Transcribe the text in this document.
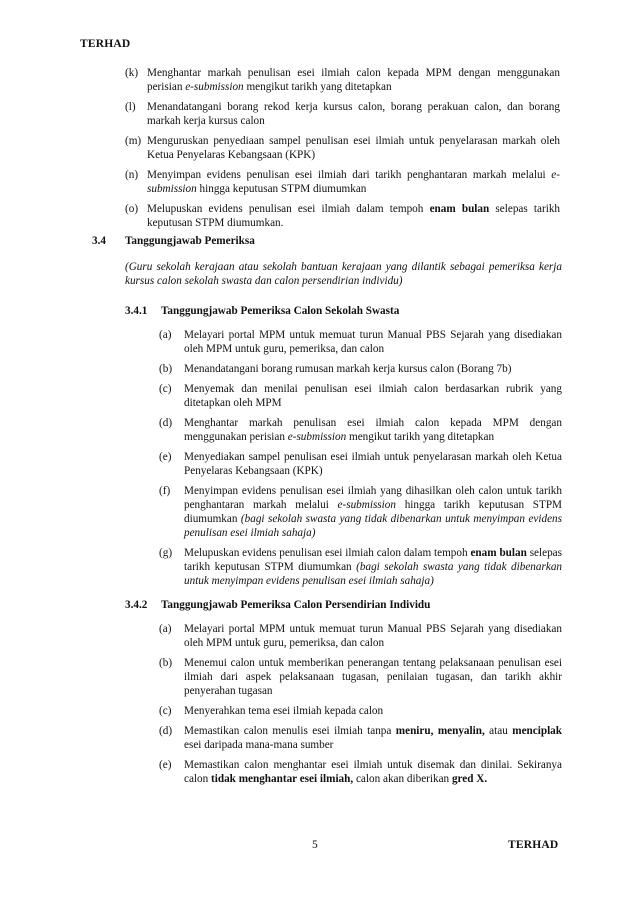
TERHAD
(k) Menghantar markah penulisan esei ilmiah calon kepada MPM dengan menggunakan perisian e-submission mengikut tarikh yang ditetapkan
(l)	Menandatangani borang rekod kerja kursus calon, borang perakuan calon, dan borang markah kerja kursus calon
(m) Menguruskan penyediaan sampel penulisan esei ilmiah untuk penyelarasan markah oleh Ketua Penyelaras Kebangsaan (KPK)
(n) Menyimpan evidens penulisan esei ilmiah dari tarikh penghantaran markah melalui e-submission hingga keputusan STPM diumumkan
(o) Melupuskan evidens penulisan esei ilmiah dalam tempoh enam bulan selepas tarikh keputusan STPM diumumkan.
3.4	Tanggungjawab Pemeriksa
(Guru sekolah kerajaan atau sekolah bantuan kerajaan yang dilantik sebagai pemeriksa kerja kursus calon sekolah swasta dan calon persendirian individu)
3.4.1	Tanggungjawab Pemeriksa Calon Sekolah Swasta
(a)	Melayari portal MPM untuk memuat turun Manual PBS Sejarah yang disediakan oleh MPM untuk guru, pemeriksa, dan calon
(b)	Menandatangani borang rumusan markah kerja kursus calon (Borang 7b)
(c)	Menyemak dan menilai penulisan esei ilmiah calon berdasarkan rubrik yang ditetapkan oleh MPM
(d)	Menghantar markah penulisan esei ilmiah calon kepada MPM dengan menggunakan perisian e-submission mengikut tarikh yang ditetapkan
(e)	Menyediakan sampel penulisan esei ilmiah untuk penyelarasan markah oleh Ketua Penyelaras Kebangsaan (KPK)
(f)	Menyimpan evidens penulisan esei ilmiah yang dihasilkan oleh calon untuk tarikh penghantaran markah melalui e-submission hingga tarikh keputusan STPM diumumkan (bagi sekolah swasta yang tidak dibenarkan untuk menyimpan evidens penulisan esei ilmiah sahaja)
(g)	Melupuskan evidens penulisan esei ilmiah calon dalam tempoh enam bulan selepas tarikh keputusan STPM diumumkan (bagi sekolah swasta yang tidak dibenarkan untuk menyimpan evidens penulisan esei ilmiah sahaja)
3.4.2	Tanggungjawab Pemeriksa Calon Persendirian Individu
(a)	Melayari portal MPM untuk memuat turun Manual PBS Sejarah yang disediakan oleh MPM untuk guru, pemeriksa, dan calon
(b)	Menemui calon untuk memberikan penerangan tentang pelaksanaan penulisan esei ilmiah dari aspek pelaksanaan tugasan, penilaian tugasan, dan tarikh akhir penyerahan tugasan
(c)	Menyerahkan tema esei ilmiah kepada calon
(d)	Memastikan calon menulis esei ilmiah tanpa meniru, menyalin, atau menciplak esei daripada mana-mana sumber
(e)	Memastikan calon menghantar esei ilmiah untuk disemak dan dinilai. Sekiranya calon tidak menghantar esei ilmiah, calon akan diberikan gred X.
5	TERHAD
